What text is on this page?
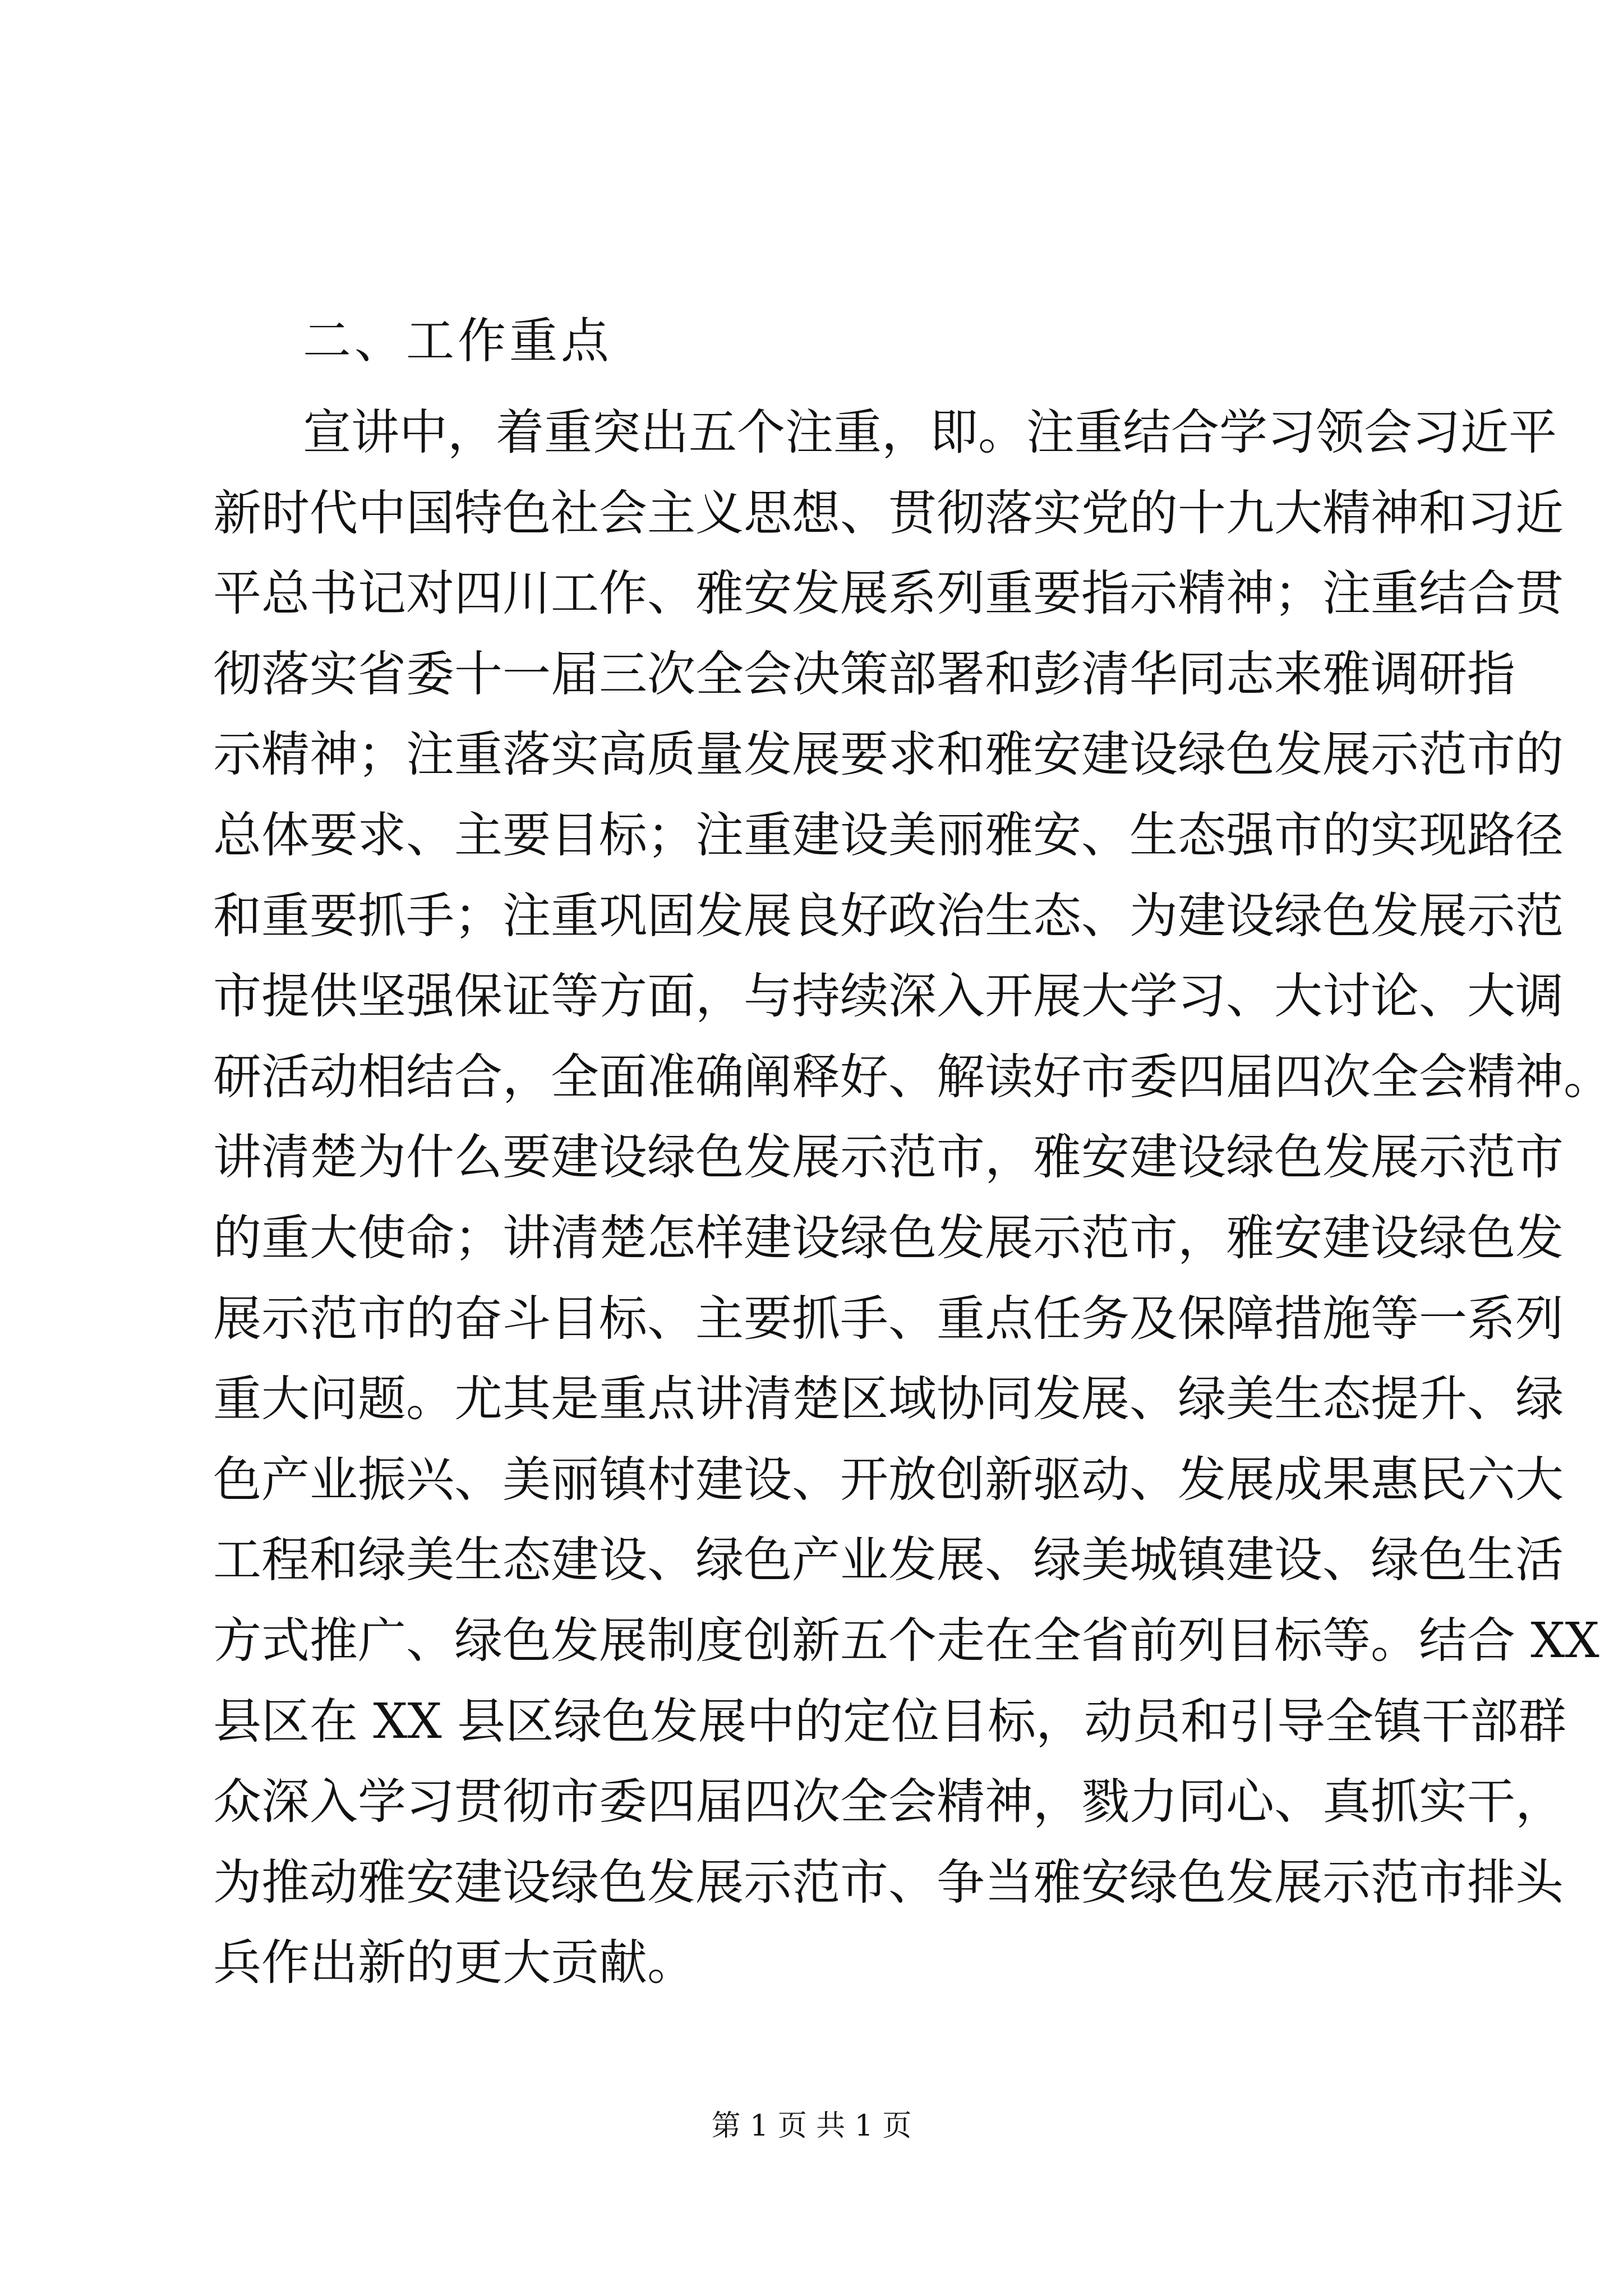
二、工作重点
宣讲中，着重突出五个注重，即。注重结合学习领会习近平
新时代中国特色社会主义思想、贯彻落实党的十九大精神和习近
平总书记对四川工作、雅安发展系列重要指示精神；注重结合贯
彻落实省委十一届三次全会决策部署和彭清华同志来雅调研指
示精神；注重落实高质量发展要求和雅安建设绿色发展示范市的
总体要求、主要目标；注重建设美丽雅安、生态强市的实现路径
和重要抓手；注重巩固发展良好政治生态、为建设绿色发展示范
市提供坚强保证等方面，与持续深入开展大学习、大讨论、大调
研活动相结合，全面准确阐释好、解读好市委四届四次全会精神。
讲清楚为什么要建设绿色发展示范市，雅安建设绿色发展示范市
的重大使命；讲清楚怎样建设绿色发展示范市，雅安建设绿色发
展示范市的奋斗目标、主要抓手、重点任务及保障措施等一系列
重大问题。尤其是重点讲清楚区域协同发展、绿美生态提升、绿
色产业振兴、美丽镇村建设、开放创新驱动、发展成果惠民六大
工程和绿美生态建设、绿色产业发展、绿美城镇建设、绿色生活
方式推广、绿色发展制度创新五个走在全省前列目标等。结合 XX
县区在 XX 县区绿色发展中的定位目标，动员和引导全镇干部群
众深入学习贯彻市委四届四次全会精神，戮力同心、真抓实干，
为推动雅安建设绿色发展示范市、争当雅安绿色发展示范市排头
兵作出新的更大贡献。
第 1 页 共 1 页
